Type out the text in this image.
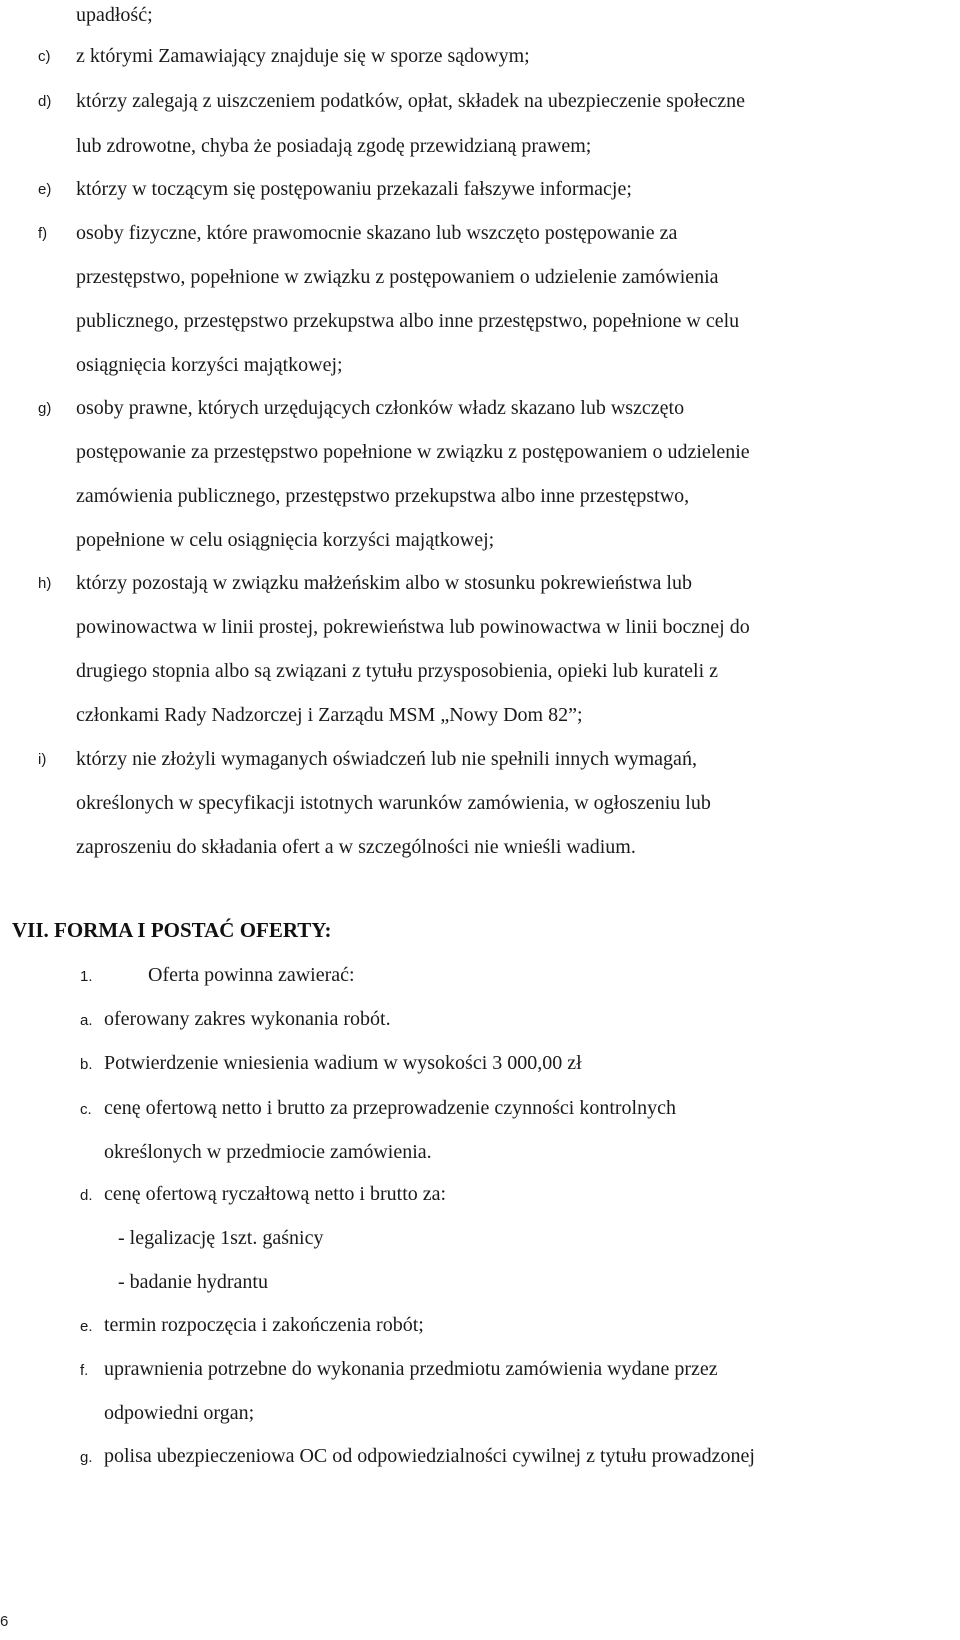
upadłość;
c) z którymi Zamawiający znajduje się w sporze sądowym;
d) którzy zalegają z uiszczeniem podatków, opłat, składek na ubezpieczenie społeczne
lub zdrowotne, chyba że posiadają zgodę przewidzianą prawem;
e) którzy w toczącym się postępowaniu przekazali fałszywe informacje;
f) osoby fizyczne, które prawomocnie skazano lub wszczęto postępowanie za
przestępstwo, popełnione w związku z postępowaniem o udzielenie zamówienia
publicznego, przestępstwo przekupstwa albo inne przestępstwo, popełnione w celu
osiągnięcia korzyści majątkowej;
g) osoby prawne, których urzędujących członków władz skazano lub wszczęto
postępowanie za przestępstwo popełnione w związku z postępowaniem o udzielenie
zamówienia publicznego, przestępstwo przekupstwa albo inne przestępstwo,
popełnione w celu osiągnięcia korzyści majątkowej;
h) którzy pozostają w związku małżeńskim albo w stosunku pokrewieństwa lub
powinowactwa w linii prostej, pokrewieństwa lub powinowactwa w linii bocznej do
drugiego stopnia albo są związani z tytułu przysposobienia, opieki lub kurateli z
członkami Rady Nadzorczej i Zarządu MSM „Nowy Dom 82”;
i) którzy nie złożyli wymaganych oświadczeń lub nie spełnili innych wymagań,
określonych w specyfikacji istotnych warunków zamówienia, w ogłoszeniu lub
zaproszeniu do składania ofert a w szczególności nie wnieśli wadium.
VII. FORMA I POSTAĆ OFERTY:
1.	Oferta powinna zawierać:
a. oferowany zakres wykonania robót.
b. Potwierdzenie wniesienia wadium w wysokości 3 000,00 zł
c. cenę ofertową netto i brutto za przeprowadzenie czynności kontrolnych
określonych w przedmiocie zamówienia.
d. cenę ofertową ryczałtową netto i brutto za:
- legalizację 1szt. gaśnicy
- badanie hydrantu
e. termin rozpoczęcia i zakończenia robót;
f. uprawnienia potrzebne do wykonania przedmiotu zamówienia wydane przez
odpowiedni organ;
g. polisa ubezpieczeniowa OC od odpowiedzialności cywilnej z tytułu prowadzonej
6
